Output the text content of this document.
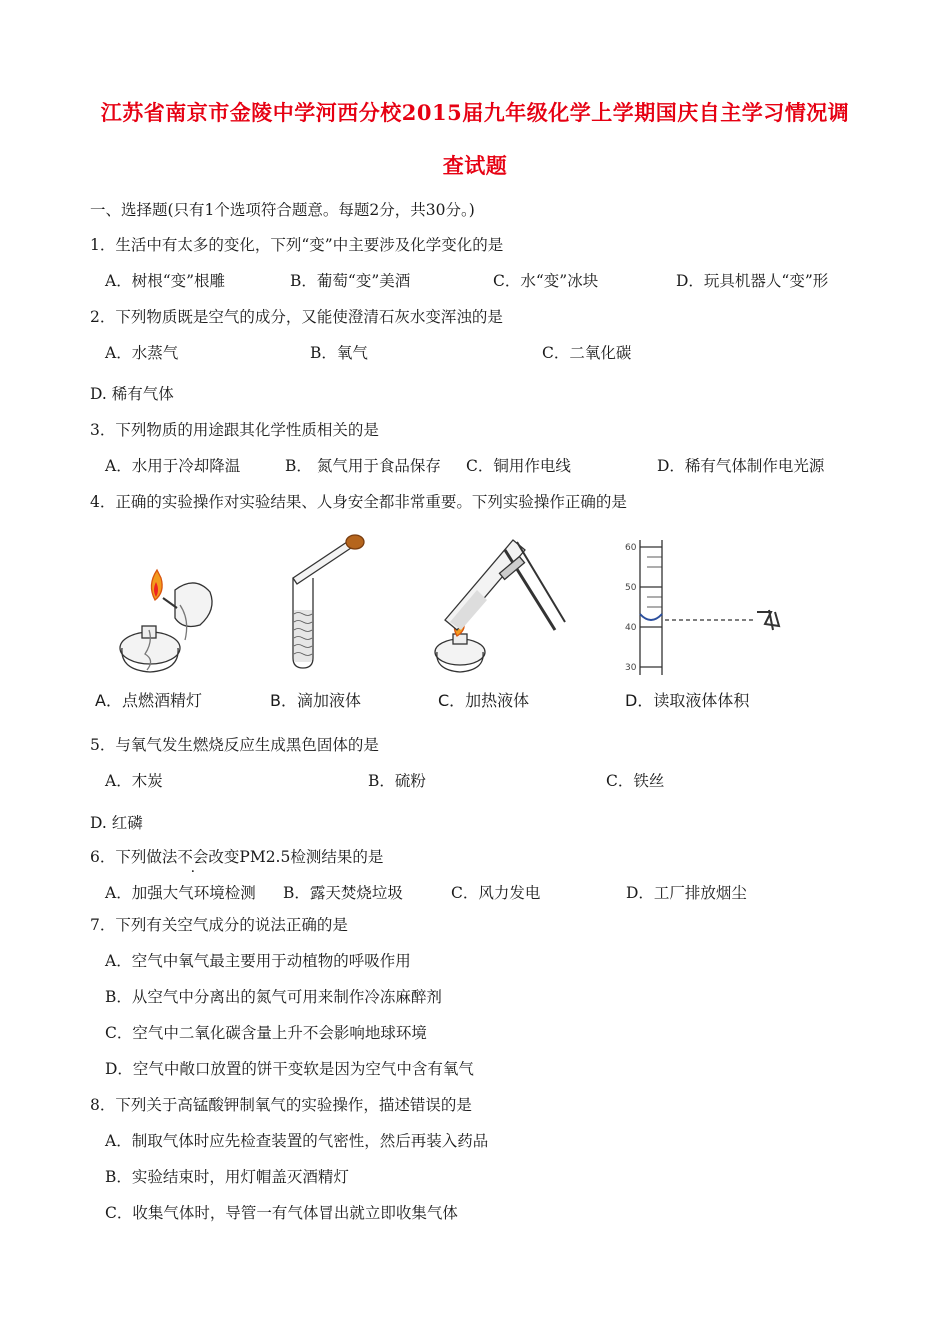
江苏省南京市金陵中学河西分校2015届九年级化学上学期国庆自主学习情况调
查试题
一、选择题(只有1个选项符合题意。每题2分，共30分。)
1．生活中有太多的变化，下列“变”中主要涉及化学变化的是
A．树根“变”根雕	B．葡萄“变”美酒	C．水“变”冰块	D．玩具机器人“变”形
2．下列物质既是空气的成分，又能使澄清石灰水变浑浊的是
A．水蒸气	B．氧气	C．二氧化碳
D. 稀有气体
3．下列物质的用途跟其化学性质相关的是
A．水用于冷却降温	B． 氮气用于食品保存 C．铜用作电线	D．稀有气体制作电光源
4．正确的实验操作对实验结果、人身安全都非常重要。下列实验操作正确的是
60
50
40
30
A．点燃酒精灯	B．滴加液体	C．加热液体	D．读取液体体积
5．与氧气发生燃烧反应生成黑色固体的是
A．木炭	B．硫粉	C．铁丝
D. 红磷
6．下列做法不会改变PM2.5检测结果的是
A．加强大气环境检测 B．露天焚烧垃圾	C．风力发电	D．工厂排放烟尘
7．下列有关空气成分的说法正确的是
A．空气中氧气最主要用于动植物的呼吸作用
B．从空气中分离出的氮气可用来制作冷冻麻醉剂
C．空气中二氧化碳含量上升不会影响地球环境
D．空气中敞口放置的饼干变软是因为空气中含有氧气
8．下列关于高锰酸钾制氧气的实验操作，描述错误的是
A．制取气体时应先检查装置的气密性，然后再装入药品
B．实验结束时，用灯帽盖灭酒精灯
C．收集气体时，导管一有气体冒出就立即收集气体
